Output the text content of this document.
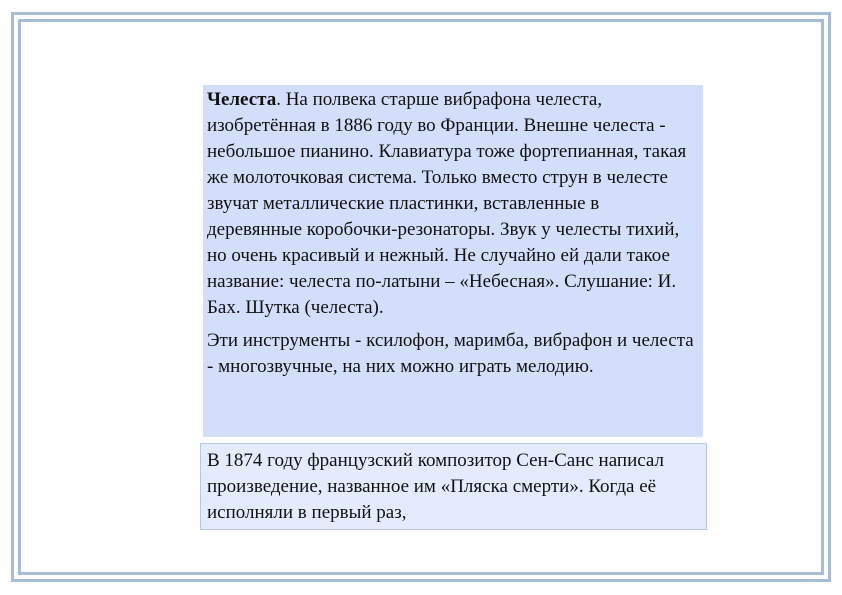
Челеста. На полвека старше вибрафона челеста, изобретённая в 1886 году во Франции. Внешне челеста - небольшое пианино. Клавиатура тоже фортепианная, такая же молоточковая система. Только вместо струн в челесте звучат металлические пластинки, вставленные в деревянные коробочки-резонаторы. Звук у челесты тихий, но очень красивый и нежный. Не случайно ей дали такое название: челеста по-латыни – «Небесная». Слушание: И. Бах. Шутка (челеста).

Эти инструменты - ксилофон, маримба, вибрафон и челеста - многозвучные, на них можно играть мелодию.

В 1874 году французский композитор Сен-Санс написал произведение, названное им «Пляска смерти». Когда её исполняли в первый раз,
